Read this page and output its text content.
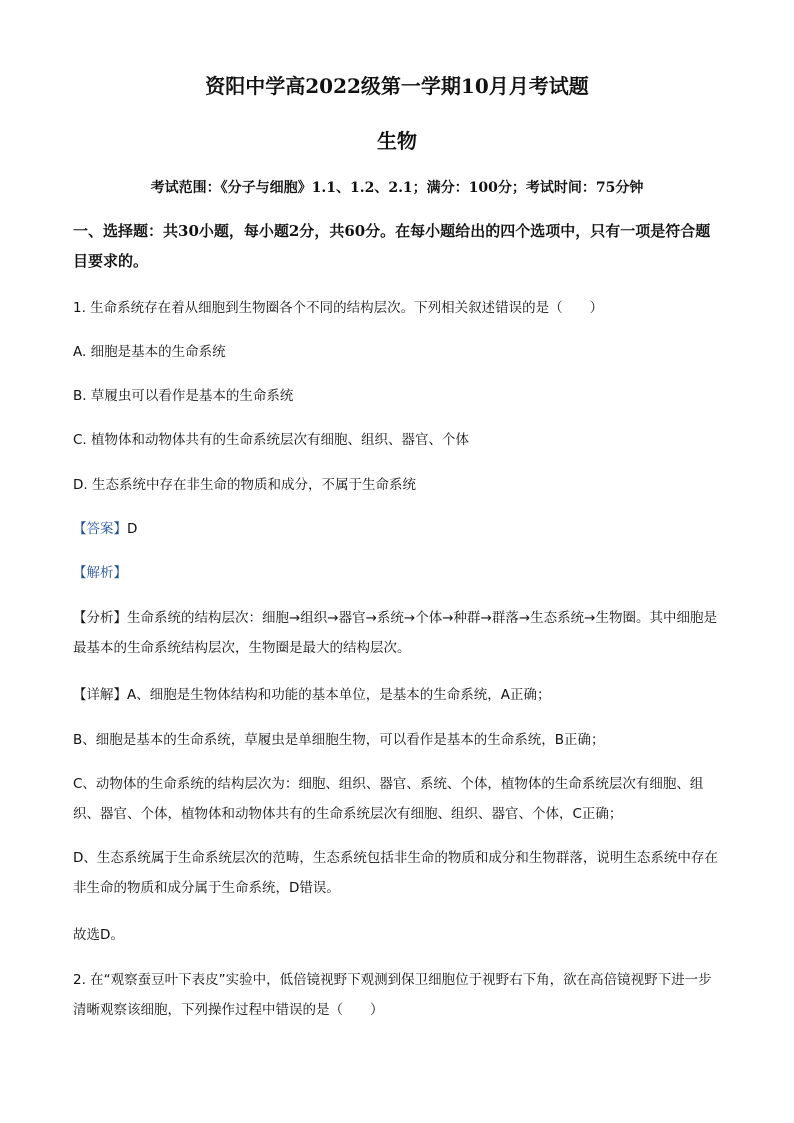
资阳中学高2022级第一学期10月月考试题
生物
考试范围：《分子与细胞》1.1、1.2、2.1；满分：100分；考试时间：75分钟
一、选择题：共30小题，每小题2分，共60分。在每小题给出的四个选项中，只有一项是符合题目要求的。
1. 生命系统存在着从细胞到生物圈各个不同的结构层次。下列相关叙述错误的是（　　）
A. 细胞是基本的生命系统
B. 草履虫可以看作是基本的生命系统
C. 植物体和动物体共有的生命系统层次有细胞、组织、器官、个体
D. 生态系统中存在非生命的物质和成分，不属于生命系统
【答案】D
【解析】
【分析】生命系统的结构层次：细胞→组织→器官→系统→个体→种群→群落→生态系统→生物圈。其中细胞是最基本的生命系统结构层次，生物圈是最大的结构层次。
【详解】A、细胞是生物体结构和功能的基本单位，是基本的生命系统，A正确；
B、细胞是基本的生命系统，草履虫是单细胞生物，可以看作是基本的生命系统，B正确；
C、动物体的生命系统的结构层次为：细胞、组织、器官、系统、个体，植物体的生命系统层次有细胞、组织、器官、个体，植物体和动物体共有的生命系统层次有细胞、组织、器官、个体，C正确；
D、生态系统属于生命系统层次的范畴，生态系统包括非生命的物质和成分和生物群落，说明生态系统中存在非生命的物质和成分属于生命系统，D错误。
故选D。
2. 在“观察蚕豆叶下表皮”实验中，低倍镜视野下观测到保卫细胞位于视野右下角，欲在高倍镜视野下进一步清晰观察该细胞，下列操作过程中错误的是（　　）
